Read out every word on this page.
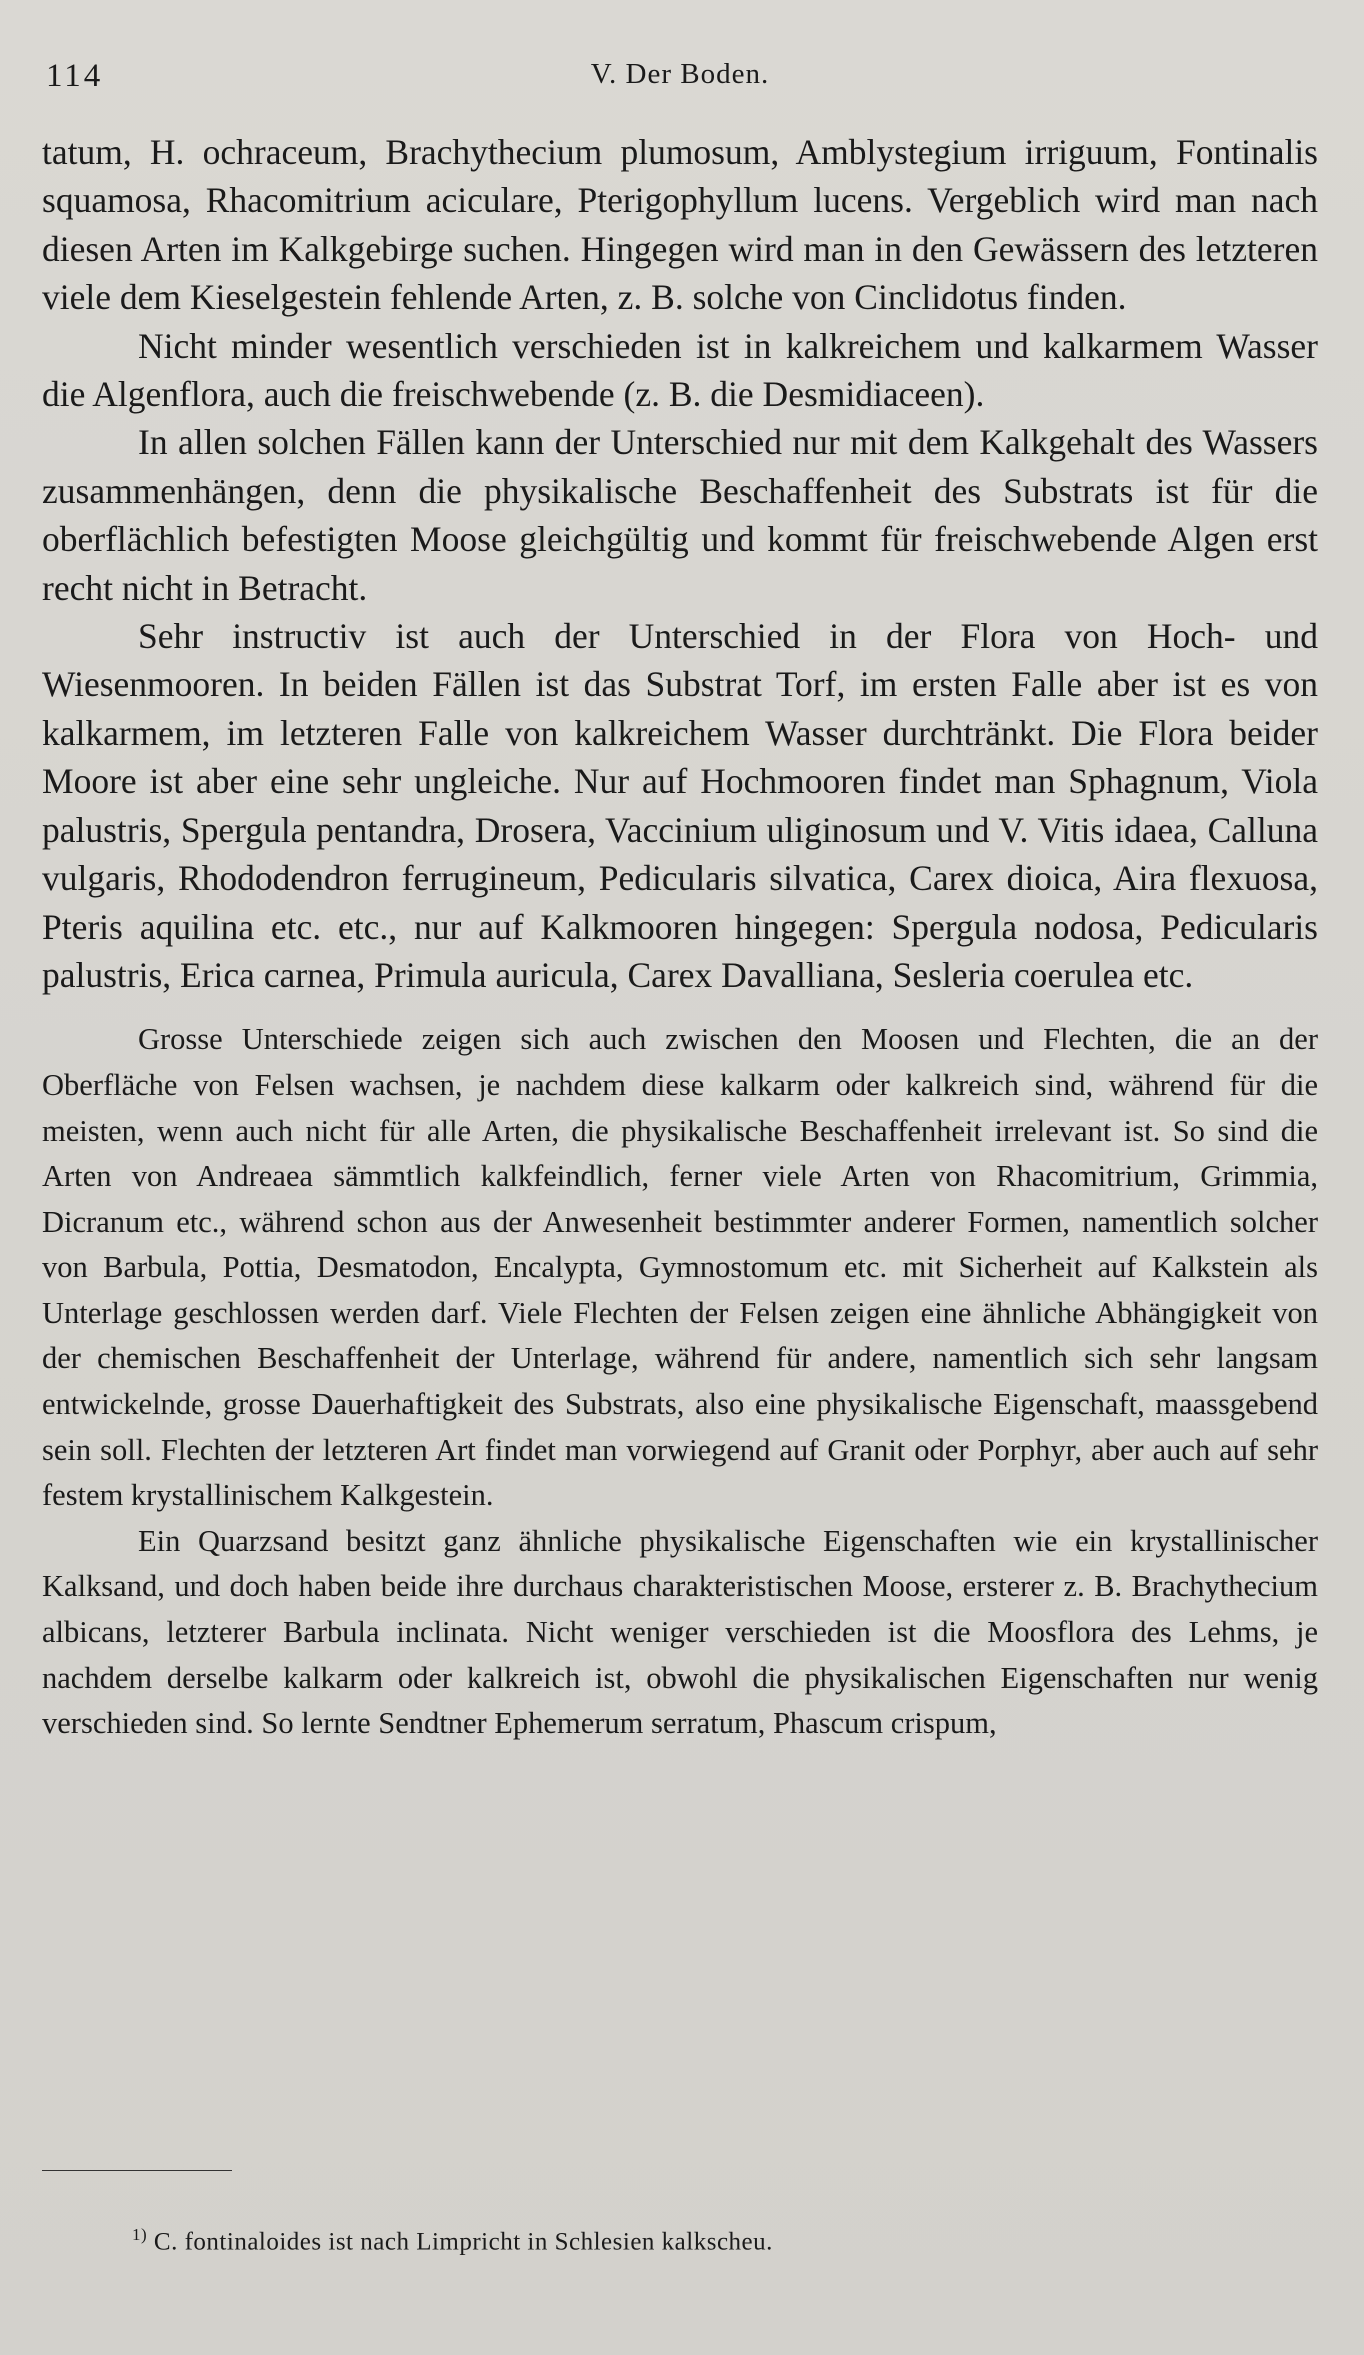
114	V. Der Boden.

tatum, H. ochraceum, Brachythecium plumosum, Amblystegium irriguum, Fontinalis squamosa, Rhacomitrium aciculare, Pterigophyllum lucens. Vergeblich wird man nach diesen Arten im Kalkgebirge suchen. Hingegen wird man in den Gewässern des letzteren viele dem Kieselgestein fehlende Arten, z. B. solche von Cinclidotus finden.

Nicht minder wesentlich verschieden ist in kalkreichem und kalkarmem Wasser die Algenflora, auch die freischwebende (z. B. die Desmidiaceen).

In allen solchen Fällen kann der Unterschied nur mit dem Kalkgehalt des Wassers zusammenhängen, denn die physikalische Beschaffenheit des Substrats ist für die oberflächlich befestigten Moose gleichgültig und kommt für freischwebende Algen erst recht nicht in Betracht.

Sehr instructiv ist auch der Unterschied in der Flora von Hoch- und Wiesenmooren. In beiden Fällen ist das Substrat Torf, im ersten Falle aber ist es von kalkarmem, im letzteren Falle von kalkreichem Wasser durchtränkt. Die Flora beider Moore ist aber eine sehr ungleiche. Nur auf Hochmooren findet man Sphagnum, Viola palustris, Spergula pentandra, Drosera, Vaccinium uliginosum und V. Vitis idaea, Calluna vulgaris, Rhododendron ferrugineum, Pedicularis silvatica, Carex dioica, Aira flexuosa, Pteris aquilina etc. etc., nur auf Kalkmooren hingegen: Spergula nodosa, Pedicularis palustris, Erica carnea, Primula auricula, Carex Davalliana, Sesleria coerulea etc.

Grosse Unterschiede zeigen sich auch zwischen den Moosen und Flechten, die an der Oberfläche von Felsen wachsen, je nachdem diese kalkarm oder kalkreich sind, während für die meisten, wenn auch nicht für alle Arten, die physikalische Beschaffenheit irrelevant ist. So sind die Arten von Andreaea sämmtlich kalkfeindlich, ferner viele Arten von Rhacomitrium, Grimmia, Dicranum etc., während schon aus der Anwesenheit bestimmter anderer Formen, namentlich solcher von Barbula, Pottia, Desmatodon, Encalypta, Gymnostomum etc. mit Sicherheit auf Kalkstein als Unterlage geschlossen werden darf. Viele Flechten der Felsen zeigen eine ähnliche Abhängigkeit von der chemischen Beschaffenheit der Unterlage, während für andere, namentlich sich sehr langsam entwickelnde, grosse Dauerhaftigkeit des Substrats, also eine physikalische Eigenschaft, maassgebend sein soll. Flechten der letzteren Art findet man vorwiegend auf Granit oder Porphyr, aber auch auf sehr festem krystallinischem Kalkgestein.

Ein Quarzsand besitzt ganz ähnliche physikalische Eigenschaften wie ein krystallinischer Kalksand, und doch haben beide ihre durchaus charakteristischen Moose, ersterer z. B. Brachythecium albicans, letzterer Barbula inclinata. Nicht weniger verschieden ist die Moosflora des Lehms, je nachdem derselbe kalkarm oder kalkreich ist, obwohl die physikalischen Eigenschaften nur wenig verschieden sind. So lernte Sendtner Ephemerum serratum, Phascum crispum,

$^{1)}$ C. fontinaloides ist nach Limpricht in Schlesien kalkscheu.
